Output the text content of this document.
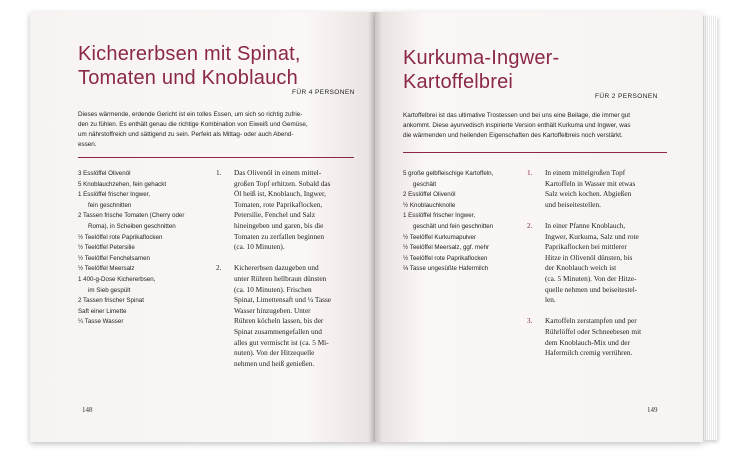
Kichererbsen mit Spinat,
Tomaten und Knoblauch
FÜR 4 PERSONEN
Dieses wärmende, erdende Gericht ist ein tolles Essen, um sich so richtig zufrie-
den zu fühlen. Es enthält genau die richtige Kombination von Eiweiß und Gemüse,
um nährstoffreich und sättigend zu sein. Perfekt als Mittag- oder auch Abend-
essen.
3 Esslöffel Olivenöl
5 Knoblauchzehen, fein gehackt
1 Esslöffel frischer Ingwer,
fein geschnitten
2 Tassen frische Tomaten (Cherry oder
Roma), in Scheiben geschnitten
½ Teelöffel rote Paprikaflocken
½ Teelöffel Petersilie
½ Teelöffel Fenchelsamen
½ Teelöffel Meersalz
1 400-g-Dose Kichererbsen,
im Sieb gespült
2 Tassen frischer Spinat
Saft einer Limette
¼ Tasse Wasser
1. Das Olivenöl in einem mittel-
großen Topf erhitzen. Sobald das
Öl heiß ist, Knoblauch, Ingwer,
Tomaten, rote Paprikaflocken,
Petersilie, Fenchel und Salz
hineingeben und garen, bis die
Tomaten zu zerfallen beginnen
(ca. 10 Minuten).
2. Kichererbsen dazugeben und
unter Rühren hellbraun dünsten
(ca. 10 Minuten). Frischen
Spinat, Limettensaft und ¼ Tasse
Wasser hinzugeben. Unter
Rühren köcheln lassen, bis der
Spinat zusammengefallen und
alles gut vermischt ist (ca. 5 Mi-
nuten). Von der Hitzequelle
nehmen und heiß genießen.
148
Kurkuma-Ingwer-
Kartoffelbrei
FÜR 2 PERSONEN
Kartoffelbrei ist das ultimative Trostessen und bei uns eine Beilage, die immer gut
ankommt. Diese ayurvedisch inspirierte Version enthält Kurkuma und Ingwer, was
die wärmenden und heilenden Eigenschaften des Kartoffelbreis noch verstärkt.
5 große gelbfleischige Kartoffeln,
geschält
2 Esslöffel Olivenöl
½ Knoblauchknolle
1 Esslöffel frischer Ingwer,
geschält und fein geschnitten
½ Teelöffel Kurkumapulver
½ Teelöffel Meersalz, ggf. mehr
½ Teelöffel rote Paprikaflocken
⅔ Tasse ungesüßte Hafermilch
1. In einem mittelgroßen Topf
Kartoffeln in Wasser mit etwas
Salz weich kochen. Abgießen
und beiseitestellen.
2. In einer Pfanne Knoblauch,
Ingwer, Kurkuma, Salz und rote
Paprikaflocken bei mittlerer
Hitze in Olivenöl dünsten, bis
der Knoblauch weich ist
(ca. 5 Minuten). Von der Hitze-
quelle nehmen und beiseitestel-
len.
3. Kartoffeln zerstampfen und per
Rührlöffel oder Schneebesen mit
dem Knoblauch-Mix und der
Hafermilch cremig verrühren.
149
